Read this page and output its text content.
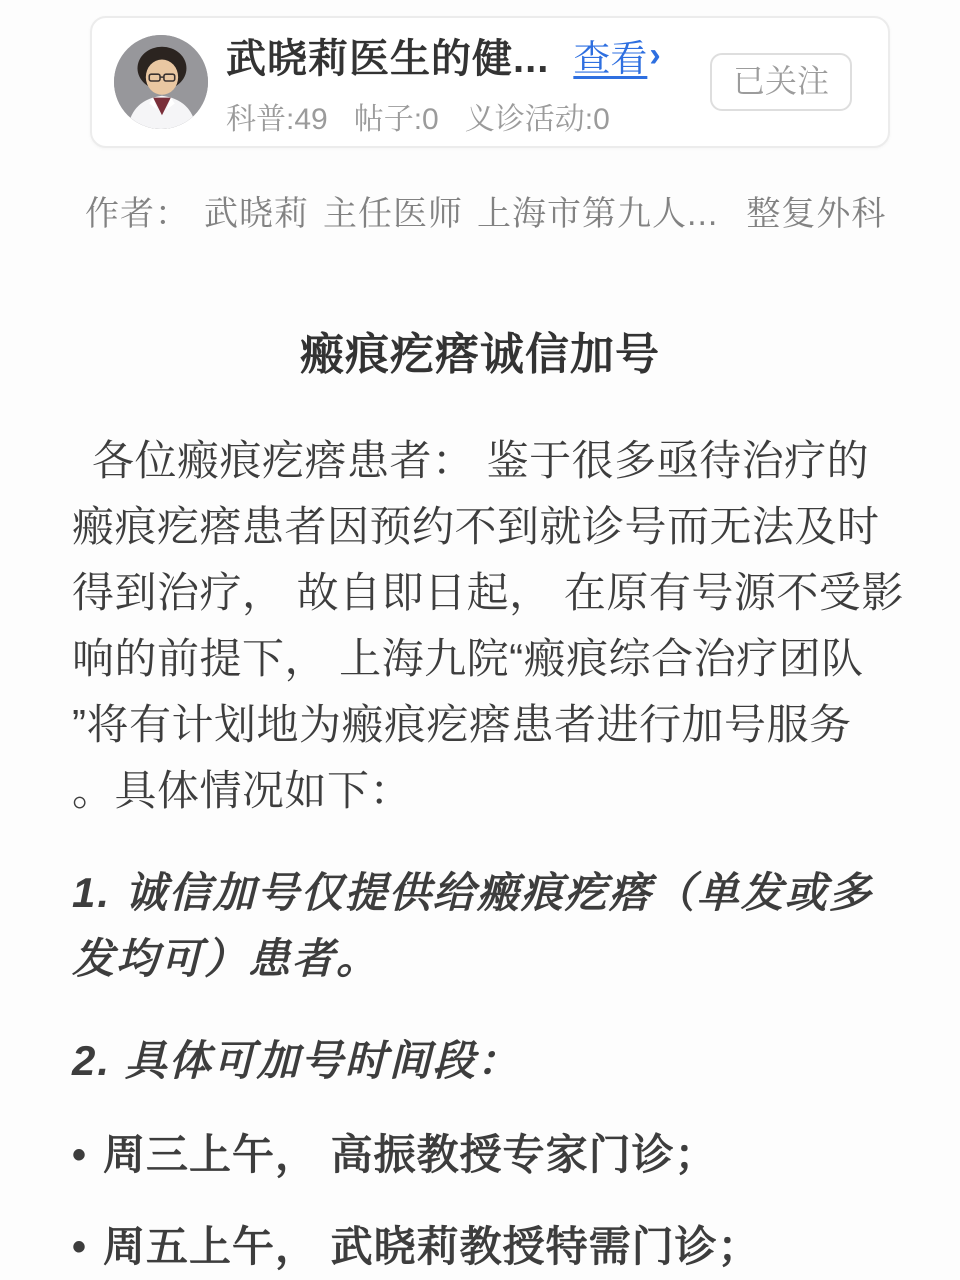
武晓莉医生的健... 查看 ›
科普:49 帖子:0 义诊活动:0
已关注
作者： 武晓莉 主任医师 上海市第九人... 整复外科
瘢痕疙瘩诚信加号
各位瘢痕疙瘩患者： 鉴于很多亟待治疗的
瘢痕疙瘩患者因预约不到就诊号而无法及时
得到治疗， 故自即日起， 在原有号源不受影
响的前提下， 上海九院“瘢痕综合治疗团队
”将有计划地为瘢痕疙瘩患者进行加号服务
。具体情况如下：
1. 诚信加号仅提供给瘢痕疙瘩（单发或多
发均可）患者。
2. 具体可加号时间段：
• 周三上午， 高振教授专家门诊；
• 周五上午， 武晓莉教授特需门诊；
